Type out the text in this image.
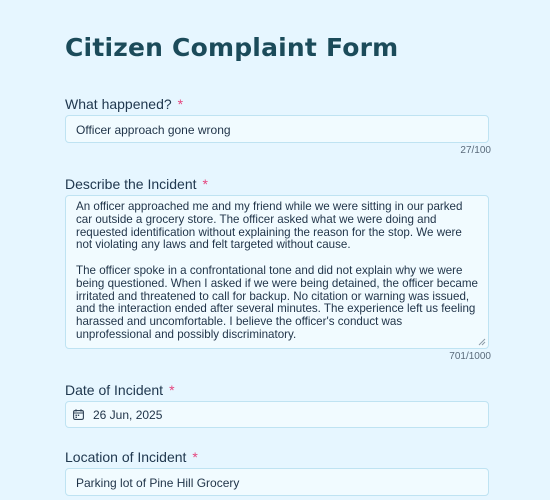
Citizen Complaint Form
What happened? *
Officer approach gone wrong
27/100
Describe the Incident *

An officer approached me and my friend while we were sitting in our parked car outside a grocery store. The officer asked what we were doing and requested identification without explaining the reason for the stop. We were not violating any laws and felt targeted without cause.

The officer spoke in a confrontational tone and did not explain why we were being questioned. When I asked if we were being detained, the officer became irritated and threatened to call for backup. No citation or warning was issued, and the interaction ended after several minutes. The experience left us feeling harassed and uncomfortable. I believe the officer's conduct was unprofessional and possibly discriminatory.

701/1000
Date of Incident *
26 Jun, 2025
Location of Incident *
Parking lot of Pine Hill Grocery
